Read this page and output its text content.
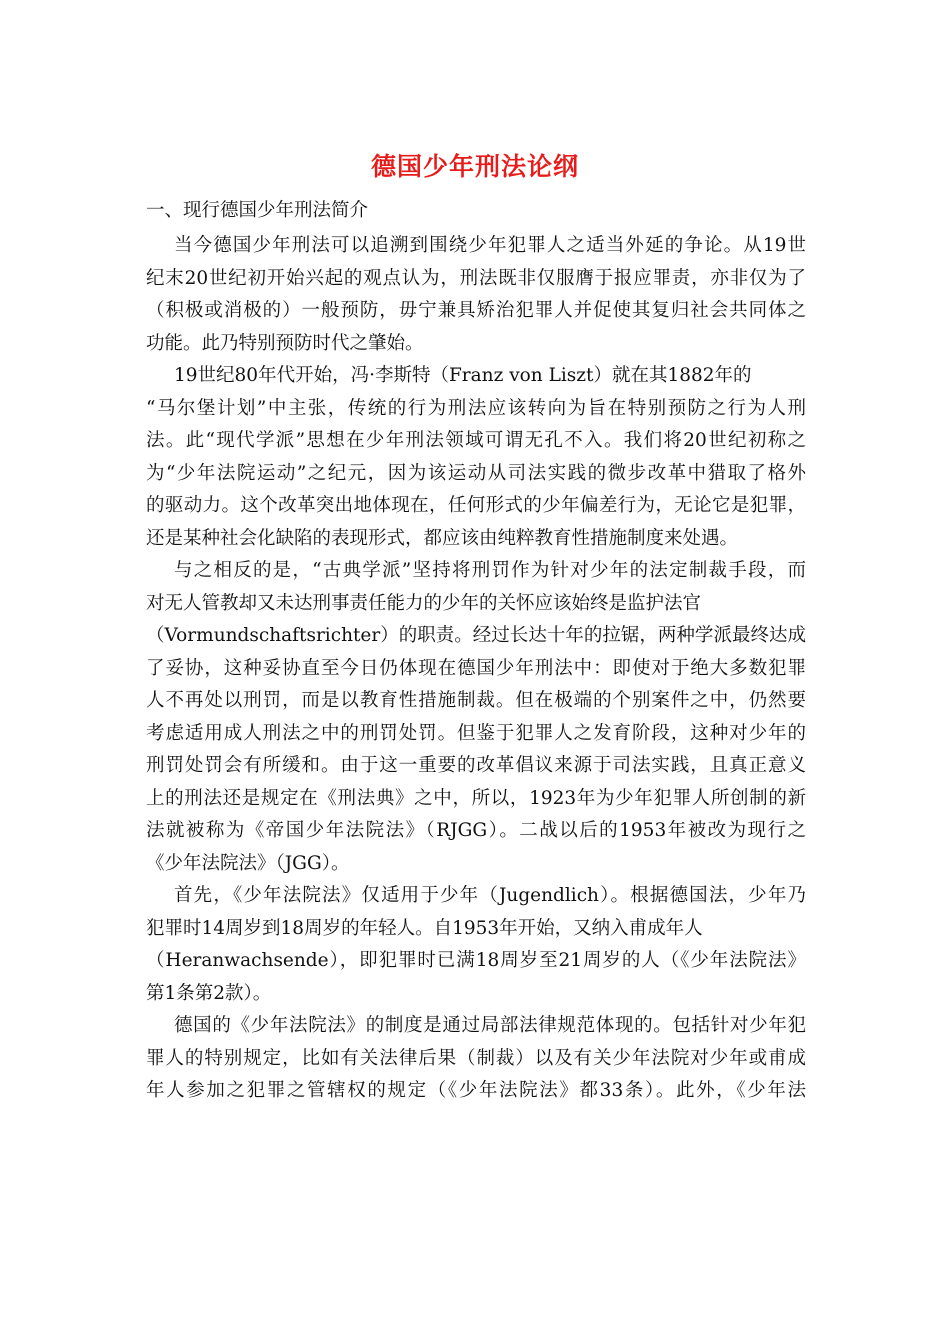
德国少年刑法论纲
一、现行德国少年刑法简介
当今德国少年刑法可以追溯到围绕少年犯罪人之适当外延的争论。从19世
纪末20世纪初开始兴起的观点认为，刑法既非仅服膺于报应罪责，亦非仅为了
（积极或消极的）一般预防，毋宁兼具矫治犯罪人并促使其复归社会共同体之
功能。此乃特别预防时代之肇始。
19世纪80年代开始，冯·李斯特（Franz von Liszt）就在其1882年的
“马尔堡计划”中主张，传统的行为刑法应该转向为旨在特别预防之行为人刑
法。此“现代学派”思想在少年刑法领域可谓无孔不入。我们将20世纪初称之
为“少年法院运动”之纪元，因为该运动从司法实践的微步改革中猎取了格外
的驱动力。这个改革突出地体现在，任何形式的少年偏差行为，无论它是犯罪，
还是某种社会化缺陷的表现形式，都应该由纯粹教育性措施制度来处遇。
与之相反的是，“古典学派”坚持将刑罚作为针对少年的法定制裁手段，而
对无人管教却又未达刑事责任能力的少年的关怀应该始终是监护法官
（Vormundschaftsrichter）的职责。经过长达十年的拉锯，两种学派最终达成
了妥协，这种妥协直至今日仍体现在德国少年刑法中：即使对于绝大多数犯罪
人不再处以刑罚，而是以教育性措施制裁。但在极端的个别案件之中，仍然要
考虑适用成人刑法之中的刑罚处罚。但鉴于犯罪人之发育阶段，这种对少年的
刑罚处罚会有所缓和。由于这一重要的改革倡议来源于司法实践，且真正意义
上的刑法还是规定在《刑法典》之中，所以，1923年为少年犯罪人所创制的新
法就被称为《帝国少年法院法》（RJGG）。二战以后的1953年被改为现行之
《少年法院法》（JGG）。
首先，《少年法院法》仅适用于少年（Jugendlich）。根据德国法，少年乃
犯罪时14周岁到18周岁的年轻人。自1953年开始，又纳入甫成年人
（Heranwachsende），即犯罪时已满18周岁至21周岁的人（《少年法院法》
第1条第2款）。
德国的《少年法院法》的制度是通过局部法律规范体现的。包括针对少年犯
罪人的特别规定，比如有关法律后果（制裁）以及有关少年法院对少年或甫成
年人参加之犯罪之管辖权的规定（《少年法院法》都33条）。此外，《少年法
